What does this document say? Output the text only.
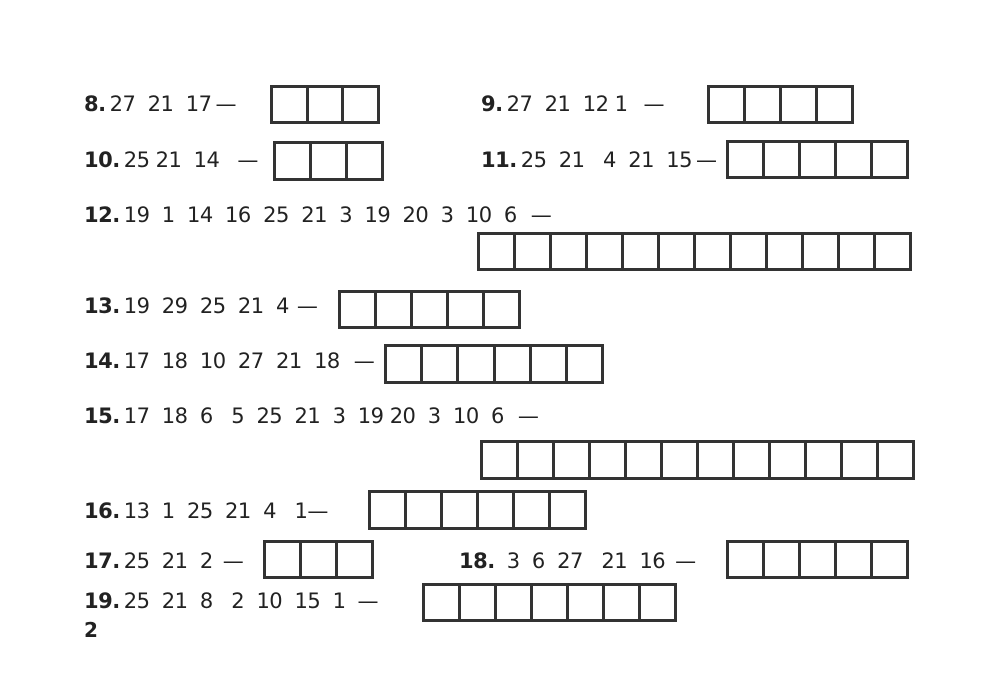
8. 27  21  17 —	9. 27  21  12 1 —
10. 25 21  14 —	11. 25  21   4  21  15 —
12. 19  1  14  16  25  21  3  19  20  3  10  6 —
13. 19  29  25  21  4 —
14. 17  18  10  27  21  18 —
15. 17  18  6   5  25  21  3  19 20  3  10  6 —
16. 13  1  25  21  4   1 —
17. 25  21  2 —	18. 3  6  27   21  16 —
19. 25  21  8   2  10  15  1 —
2
